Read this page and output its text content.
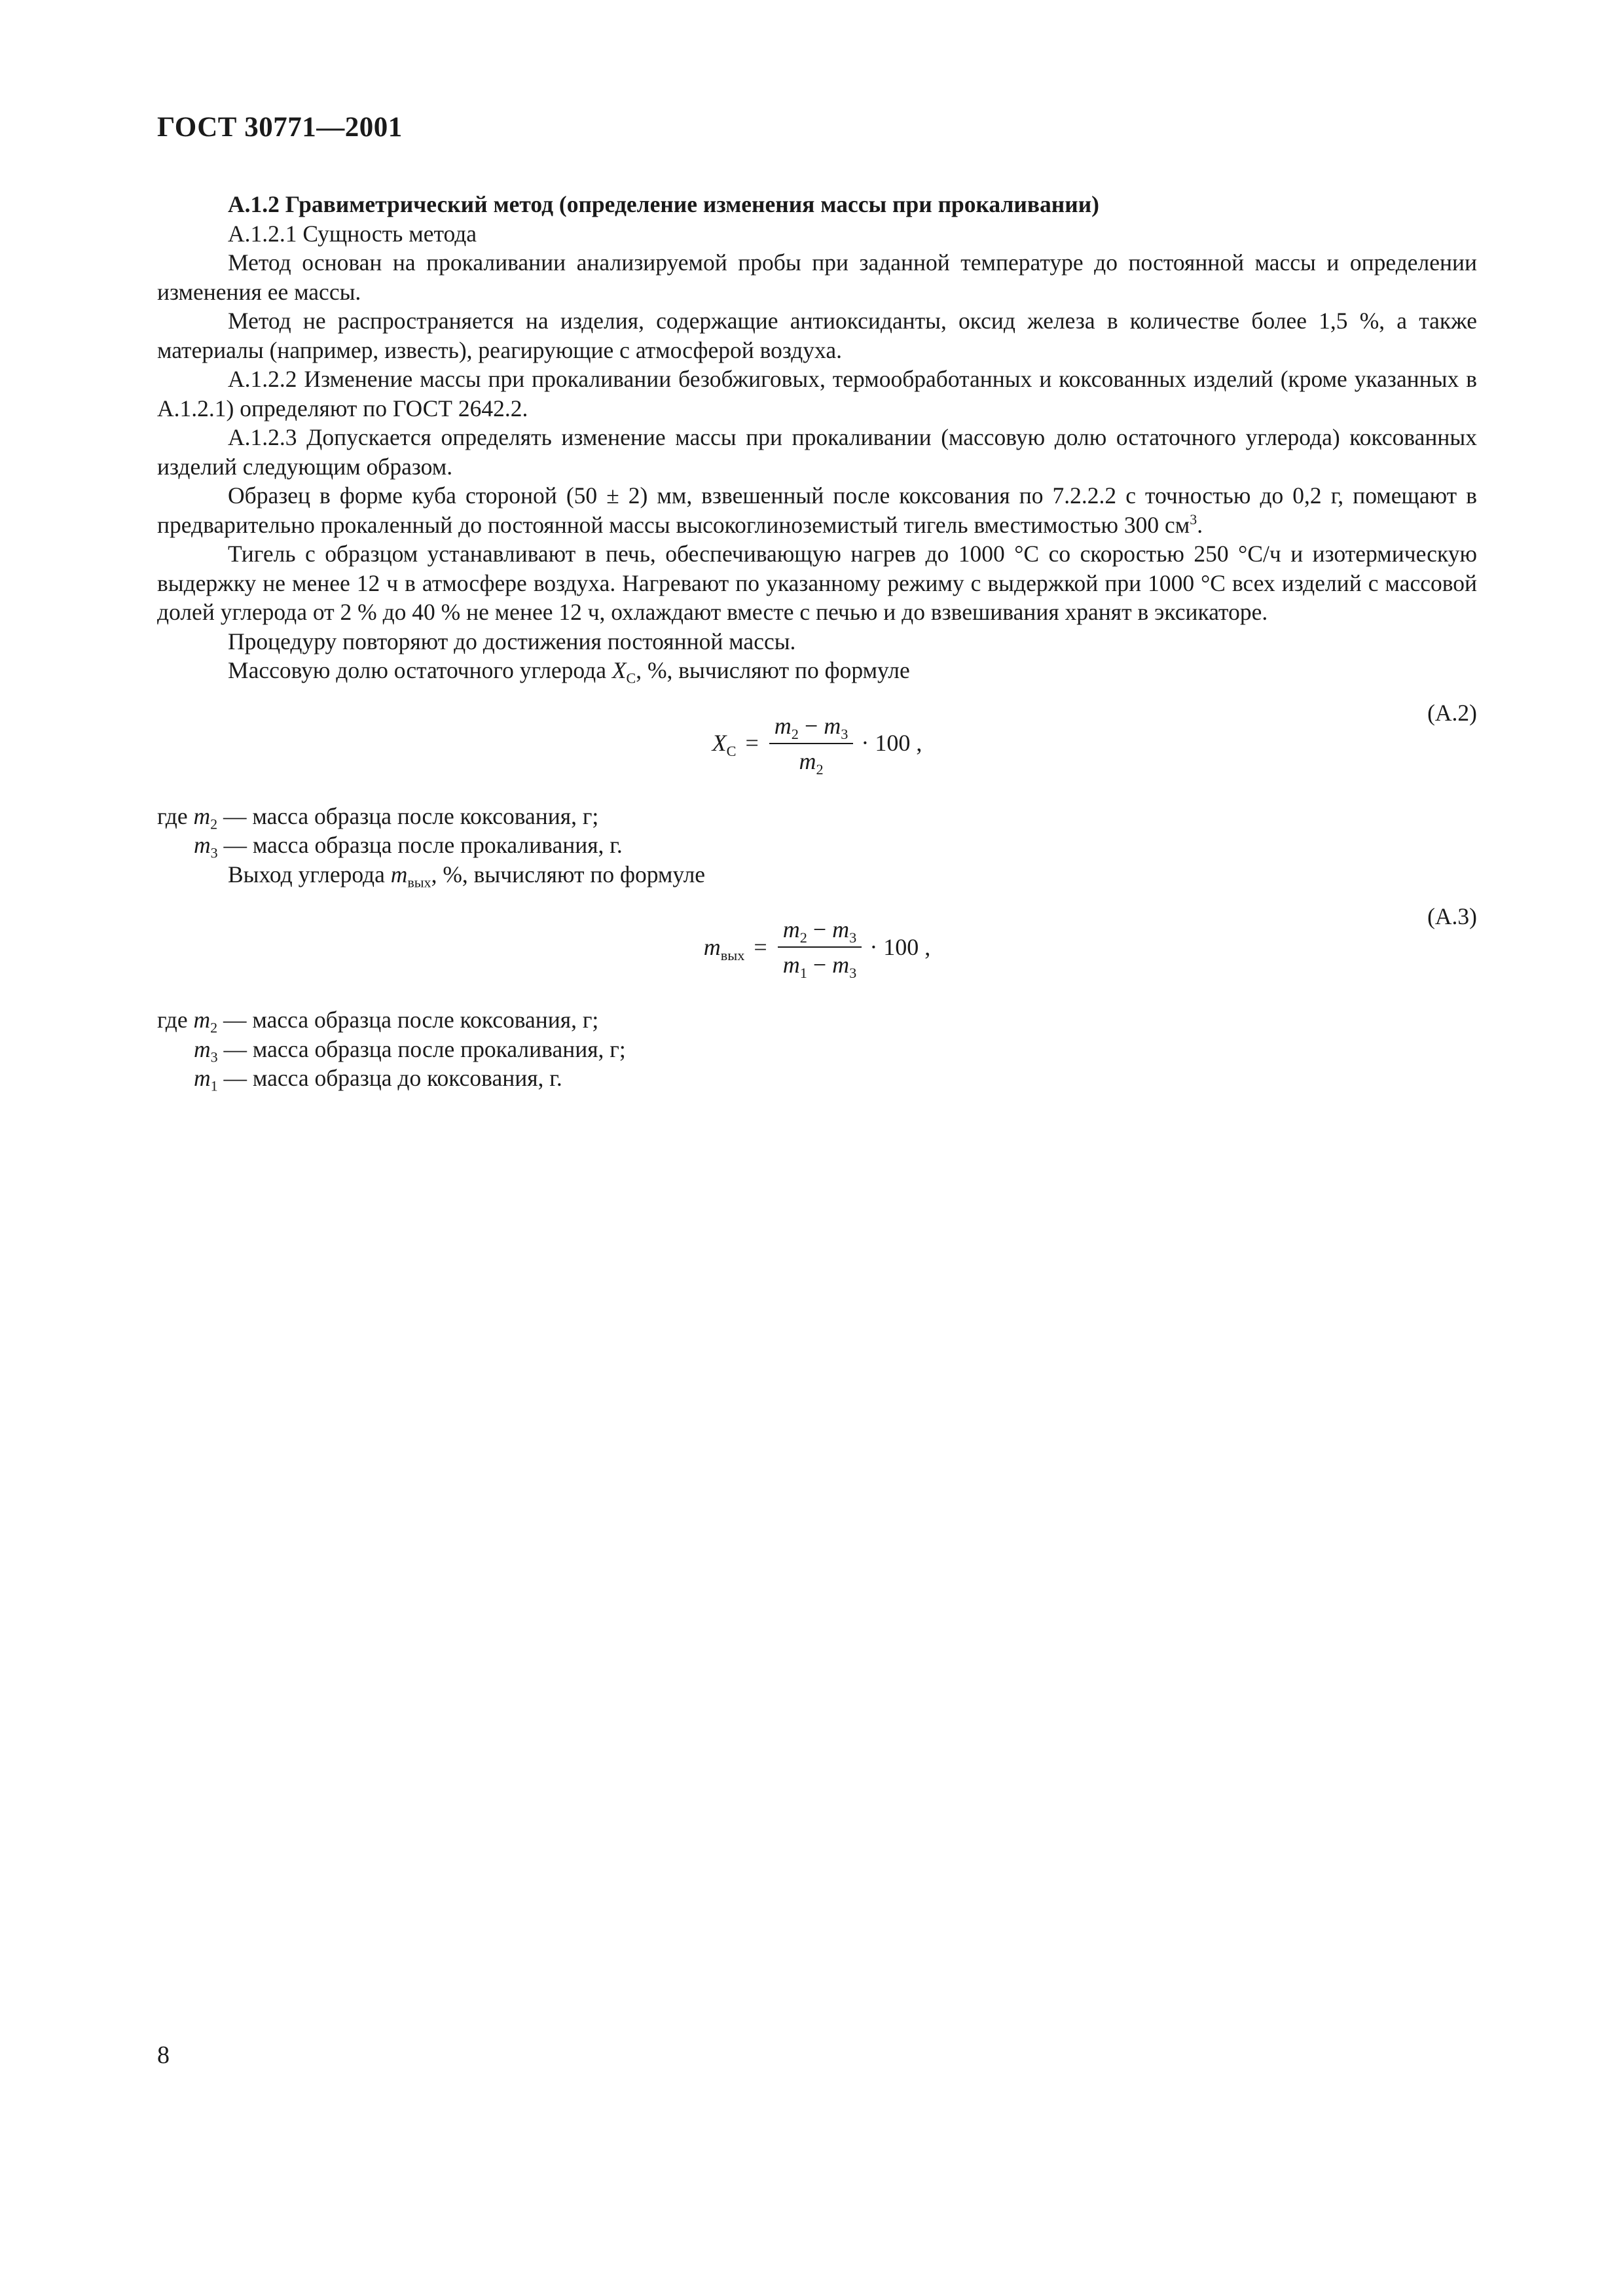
ГОСТ 30771—2001

А.1.2 Гравиметрический метод (определение изменения массы при прокаливании)

А.1.2.1 Сущность метода

Метод основан на прокаливании анализируемой пробы при заданной температуре до постоянной массы и определении изменения ее массы.

Метод не распространяется на изделия, содержащие антиоксиданты, оксид железа в количестве более 1,5 %, а также материалы (например, известь), реагирующие с атмосферой воздуха.

А.1.2.2 Изменение массы при прокаливании безобжиговых, термообработанных и коксованных изделий (кроме указанных в А.1.2.1) определяют по ГОСТ 2642.2.

А.1.2.3 Допускается определять изменение массы при прокаливании (массовую долю остаточного углерода) коксованных изделий следующим образом.

Образец в форме куба стороной (50 ± 2) мм, взвешенный после коксования по 7.2.2.2 с точностью до 0,2 г, помещают в предварительно прокаленный до постоянной массы высокоглиноземистый тигель вместимостью 300 $см^3$.

Тигель с образцом устанавливают в печь, обеспечивающую нагрев до 1000 °С со скоростью 250 °С/ч и изотермическую выдержку не менее 12 ч в атмосфере воздуха. Нагревают по указанному режиму с выдержкой при 1000 °С всех изделий с массовой долей углерода от 2 % до 40 % не менее 12 ч, охлаждают вместе с печью и до взвешивания хранят в эксикаторе.

Процедуру повторяют до достижения постоянной массы.

Массовую долю остаточного углерода $X_С$, %, вычисляют по формуле

$X_С = \frac{m_2 - m_3}{m_2} \cdot 100$ ,
(А.2)

где $m_2$ — масса образца после коксования, г;

$m_3$ — масса образца после прокаливания, г.

Выход углерода $m_{вых}$, %, вычисляют по формуле

$m_{вых} = \frac{m_2 - m_3}{m_1 - m_3} \cdot 100$ ,
(А.3)

где $m_2$ — масса образца после коксования, г;

$m_3$ — масса образца после прокаливания, г;

$m_1$ — масса образца до коксования, г.

8
